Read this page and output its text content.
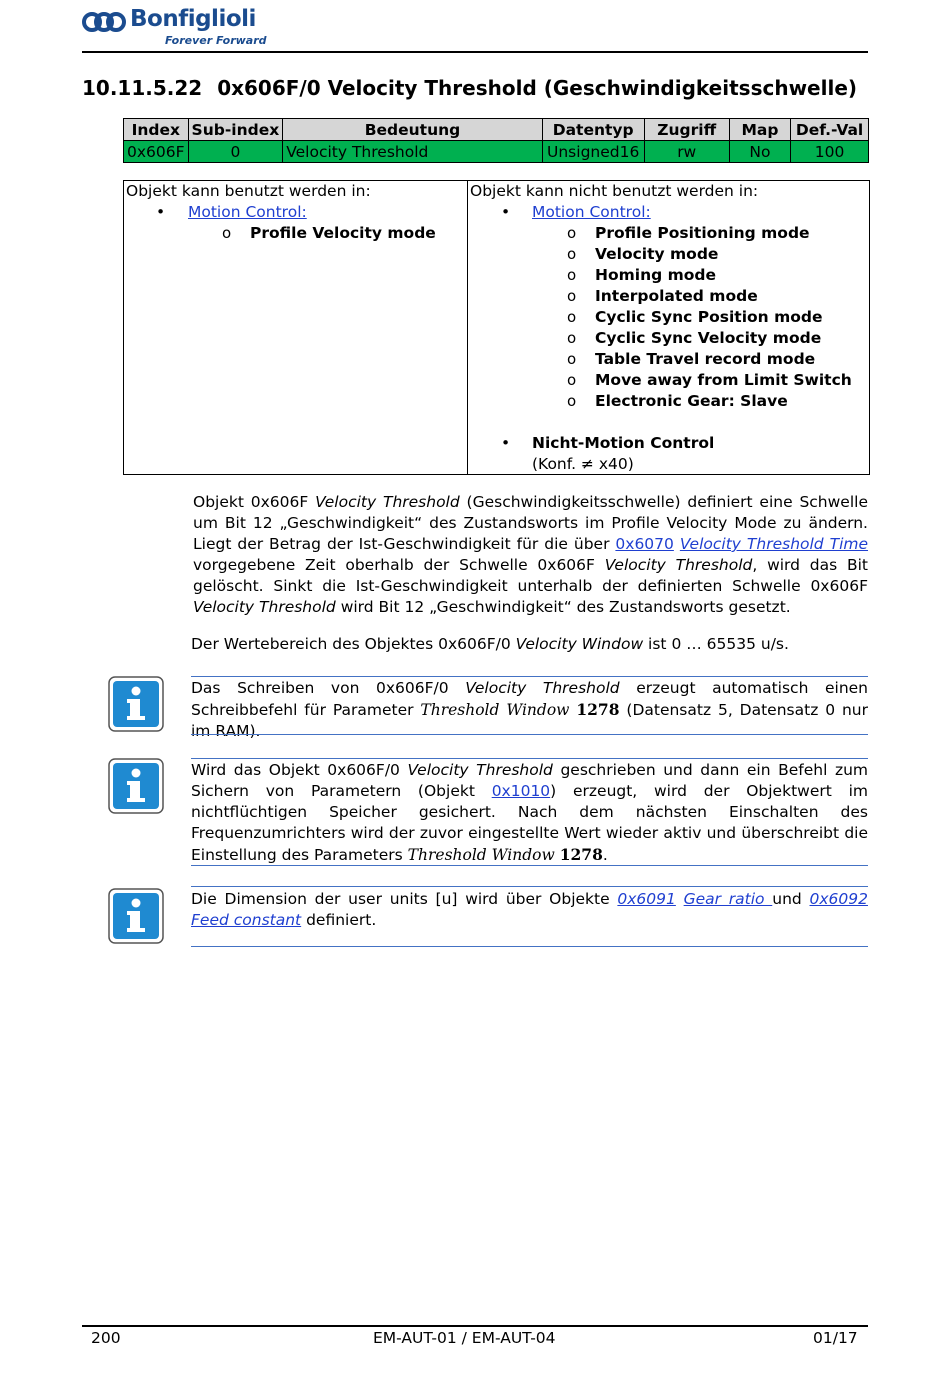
Bonfiglioli
Forever Forward
10.11.5.22 0x606F/0 Velocity Threshold (Geschwindigkeitsschwelle)
Index	Sub-index	Bedeutung	Datentyp	Zugriff	Map	Def.-Val
0x606F	0	Velocity Threshold	Unsigned16	rw	No	100
Objekt kann benutzt werden in:
• Motion Control:
o Profile Velocity mode
Objekt kann nicht benutzt werden in:
• Motion Control:
o Profile Positioning mode
o Velocity mode
o Homing mode
o Interpolated mode
o Cyclic Sync Position mode
o Cyclic Sync Velocity mode
o Table Travel record mode
o Move away from Limit Switch
o Electronic Gear: Slave
• Nicht-Motion Control
(Konf. ≠ x40)
Objekt 0x606F Velocity Threshold (Geschwindigkeitsschwelle) definiert eine Schwelle um Bit 12 „Geschwindigkeit“ des Zustandsworts im Profile Velocity Mode zu ändern. Liegt der Betrag der Ist-Geschwindigkeit für die über 0x6070 Velocity Threshold Time vorgegebene Zeit oberhalb der Schwelle 0x606F Velocity Threshold, wird das Bit gelöscht. Sinkt die Ist-Geschwindigkeit unterhalb der definierten Schwelle 0x606F Velocity Threshold wird Bit 12 „Geschwindigkeit“ des Zustandsworts gesetzt.
Der Wertebereich des Objektes 0x606F/0 Velocity Window ist 0 … 65535 u/s.
Das Schreiben von 0x606F/0 Velocity Threshold erzeugt automatisch einen Schreibbefehl für Parameter Threshold Window 1278 (Datensatz 5, Datensatz 0 nur im RAM).
Wird das Objekt 0x606F/0 Velocity Threshold geschrieben und dann ein Befehl zum Sichern von Parametern (Objekt 0x1010) erzeugt, wird der Objektwert im nichtflüchtigen Speicher gesichert. Nach dem nächsten Einschalten des Frequenzumrichters wird der zuvor eingestellte Wert wieder aktiv und überschreibt die Einstellung des Parameters Threshold Window 1278.
Die Dimension der user units [u] wird über Objekte 0x6091 Gear ratio und 0x6092 Feed constant definiert.
200	EM-AUT-01 / EM-AUT-04	01/17
